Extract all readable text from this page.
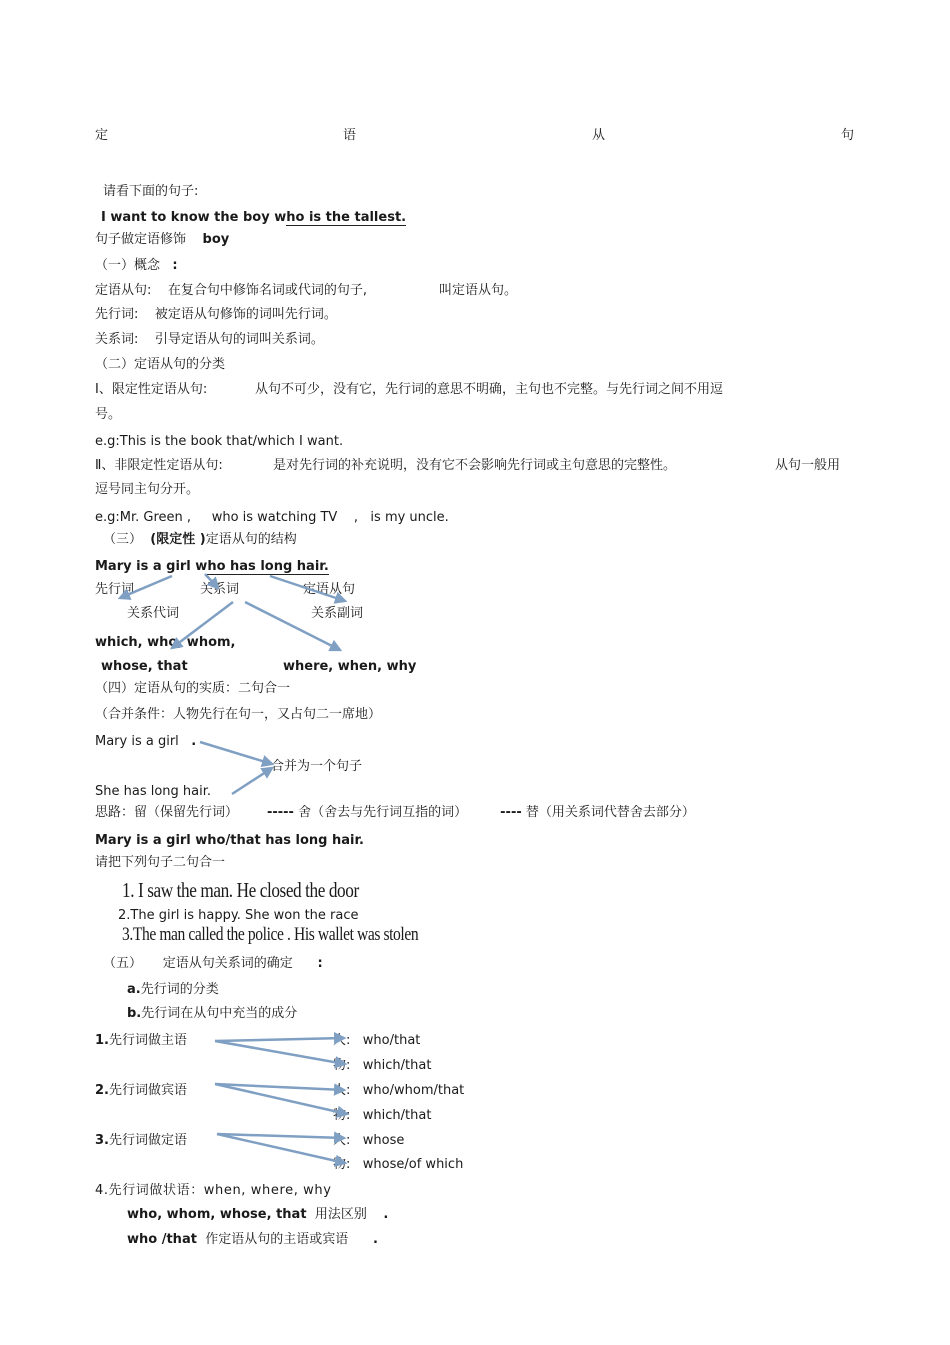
定	语	从	句
请看下面的句子:
I want to know the boy who is the tallest.
句子做定语修饰 boy
（一）概念 :
定语从句: 在复合句中修饰名词或代词的句子,	叫定语从句。
先行词: 被定语从句修饰的词叫先行词。
关系词: 引导定语从句的词叫关系词。
（二）定语从句的分类
Ⅰ、限定性定语从句:	从句不可少，没有它，先行词的意思不明确，主句也不完整。与先行词之间不用逗
号。
e.g:This is the book that/which I want.
Ⅱ、非限定性定语从句:	是对先行词的补充说明，没有它不会影响先行词或主句意思的完整性。	从句一般用
逗号同主句分开。
e.g:Mr. Green , who is watching TV , is my uncle.
（三） (限定性 )定语从句的结构
Mary is a girl who has long hair.
先行词	关系词	定语从句
关系代词	关系副词
which, who, whom,
whose, that	where, when, why
（四）定语从句的实质：二句合一
（合并条件：人物先行在句一，又占句二一席地）
Mary is a girl .
合并为一个句子
She has long hair.
思路：留（保留先行词） ----- 舍（舍去与先行词互指的词）	---- 替（用关系词代替舍去部分）
Mary is a girl who/that has long hair.
请把下列句子二句合一
1. I saw the man. He closed the door
2.The girl is happy. She won the race
3.The man called the police . His wallet was stolen
（五） 定语从句关系词的确定 :
a.先行词的分类
b.先行词在从句中充当的成分
1.先行词做主语	人: who/that
物: which/that
2.先行词做宾语	人: who/whom/that
物: which/that
3.先行词做定语	人: whose
物: whose/of which
4.先行词做状语：when, where, why
who, whom, whose, that 用法区别 .
who /that 作定语从句的主语或宾语 .
